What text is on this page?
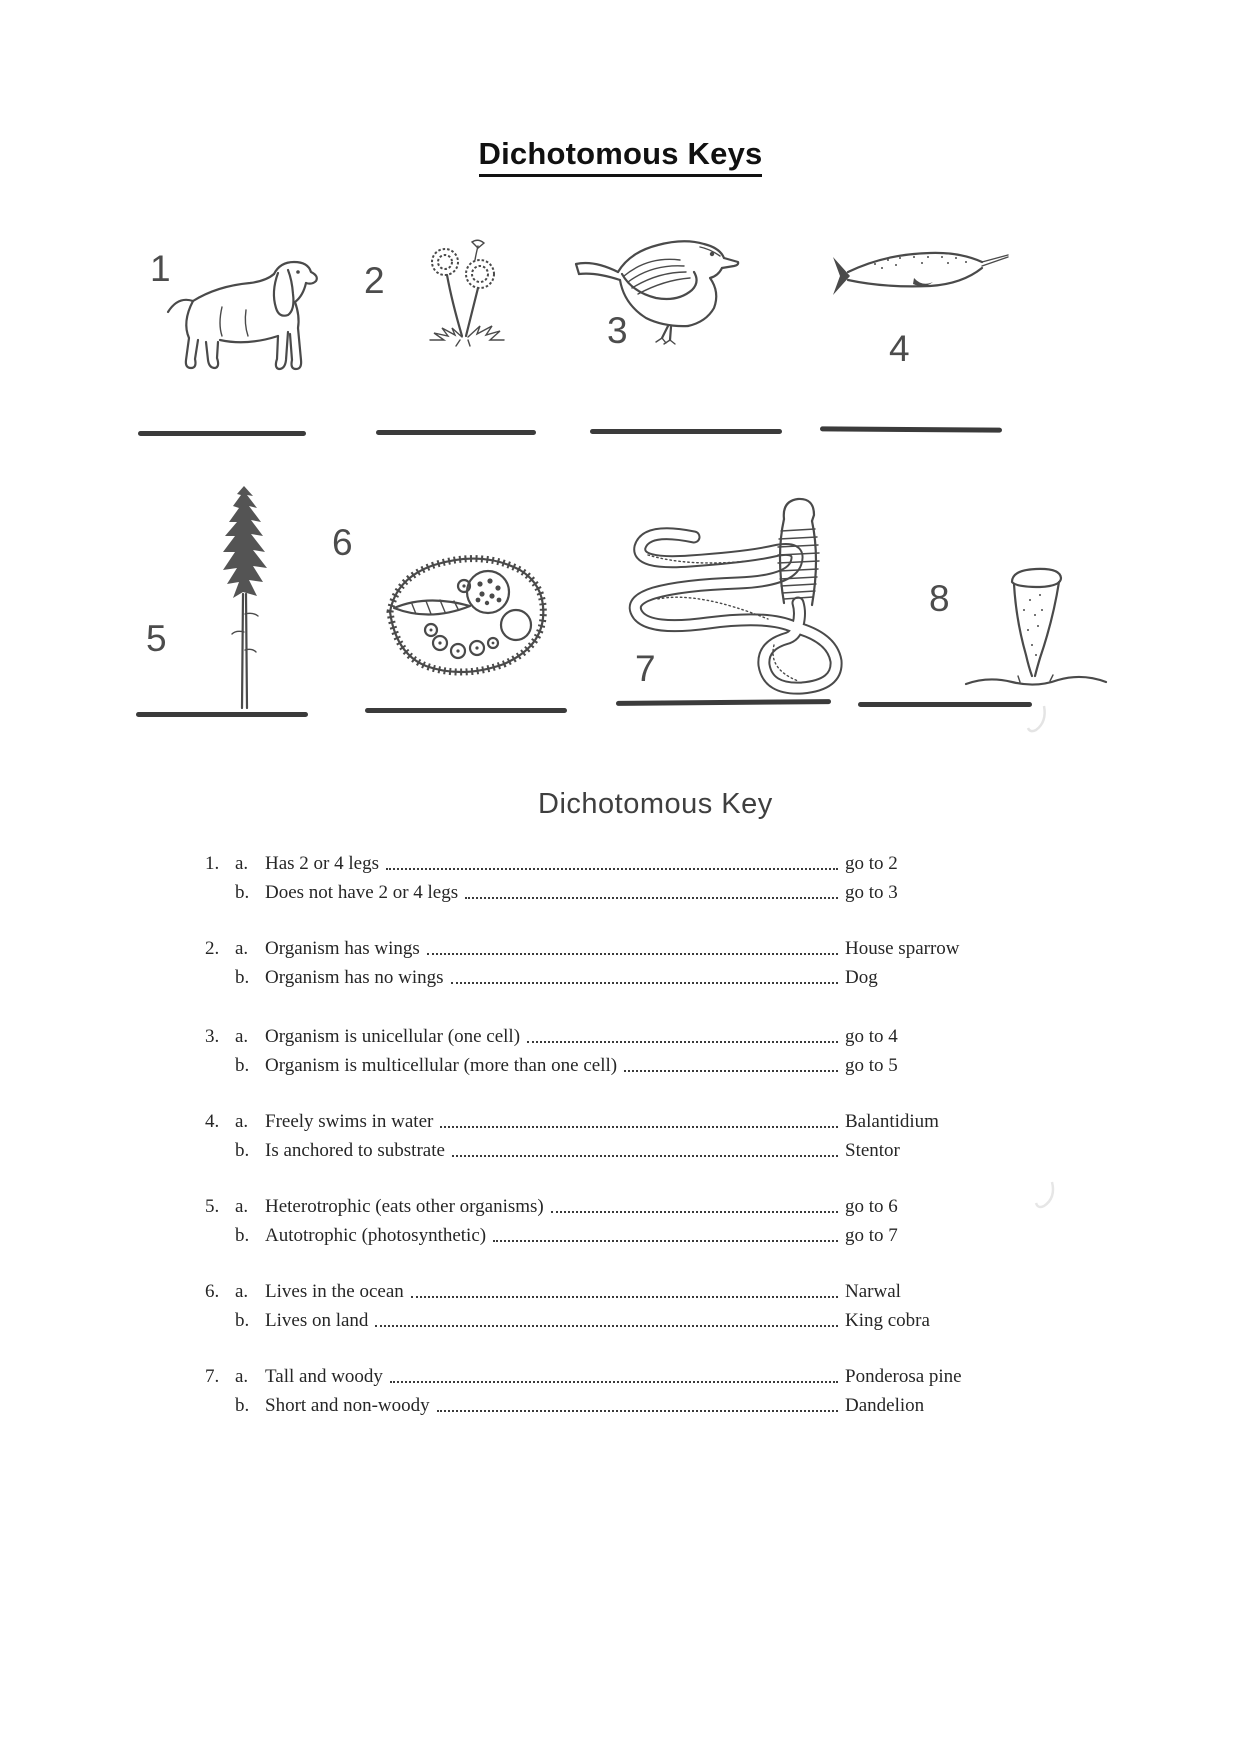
Dichotomous Keys
1	2
3	4
5
6
7
8
Dichotomous Key
1. a. Has 2 or 4 legs	go to 2
b. Does not have 2 or 4 legs	go to 3
2. a. Organism has wings	House sparrow
b. Organism has no wings	Dog
3. a. Organism is unicellular (one cell)	go to 4
b. Organism is multicellular (more than one cell)	go to 5
4. a. Freely swims in water	Balantidium
b. Is anchored to substrate	Stentor
5. a. Heterotrophic (eats other organisms)	go to 6
b. Autotrophic (photosynthetic)	go to 7
6. a. Lives in the ocean	Narwal
b. Lives on land	King cobra
7. a. Tall and woody	Ponderosa pine
b. Short and non-woody	Dandelion
